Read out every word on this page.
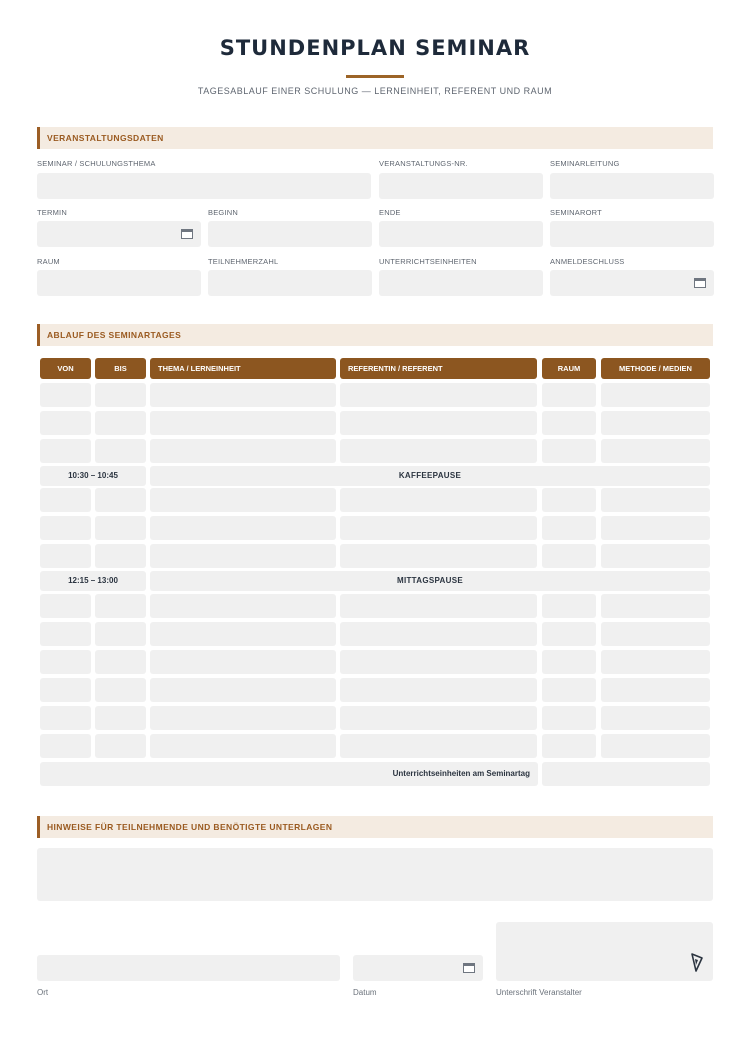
STUNDENPLAN SEMINAR
TAGESABLAUF EINER SCHULUNG — LERNEINHEIT, REFERENT UND RAUM
VERANSTALTUNGSDATEN
SEMINAR / SCHULUNGSTHEMA	VERANSTALTUNGS-NR.	SEMINARLEITUNG
TERMIN	BEGINN	ENDE	SEMINARORT
RAUM	TEILNEHMERZAHL	UNTERRICHTSEINHEITEN	ANMELDESCHLUSS
ABLAUF DES SEMINARTAGES
VON	BIS	THEMA / LERNEINHEIT	REFERENTIN / REFERENT	RAUM	METHODE / MEDIEN
10:30 – 10:45	KAFFEEPAUSE
12:15 – 13:00	MITTAGSPAUSE
Unterrichtseinheiten am Seminartag
HINWEISE FÜR TEILNEHMENDE UND BENÖTIGTE UNTERLAGEN
Ort	Datum	Unterschrift Veranstalter
